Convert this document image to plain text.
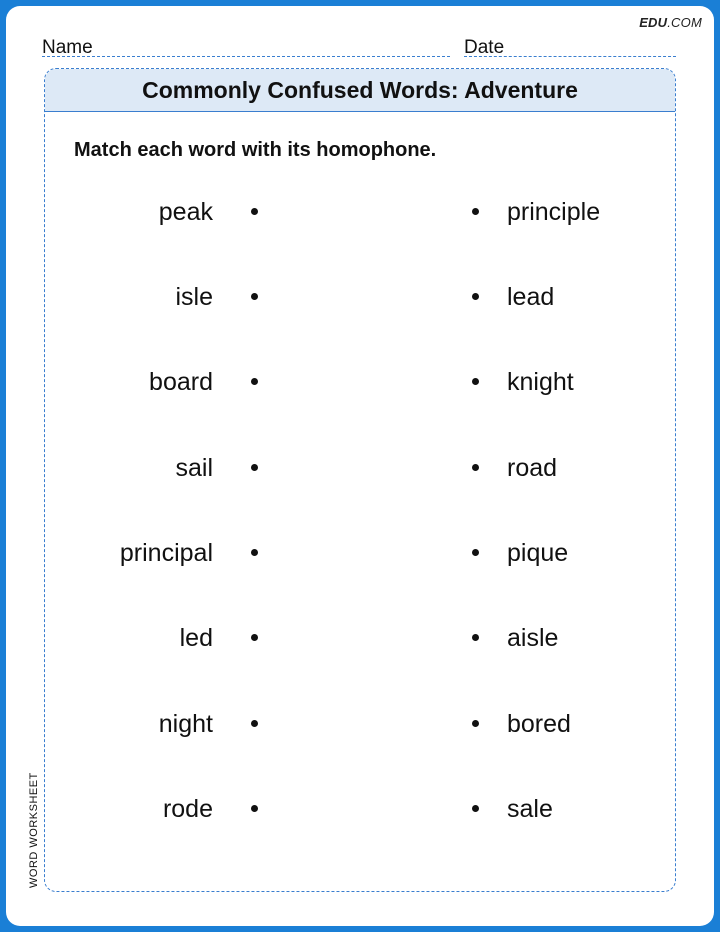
EDU.COM
Name	Date
Commonly Confused Words: Adventure
Match each word with its homophone.
peak	principle
isle	lead
board	knight
sail	road
principal	pique
led	aisle
night	bored
rode	sale
WORD WORKSHEET
